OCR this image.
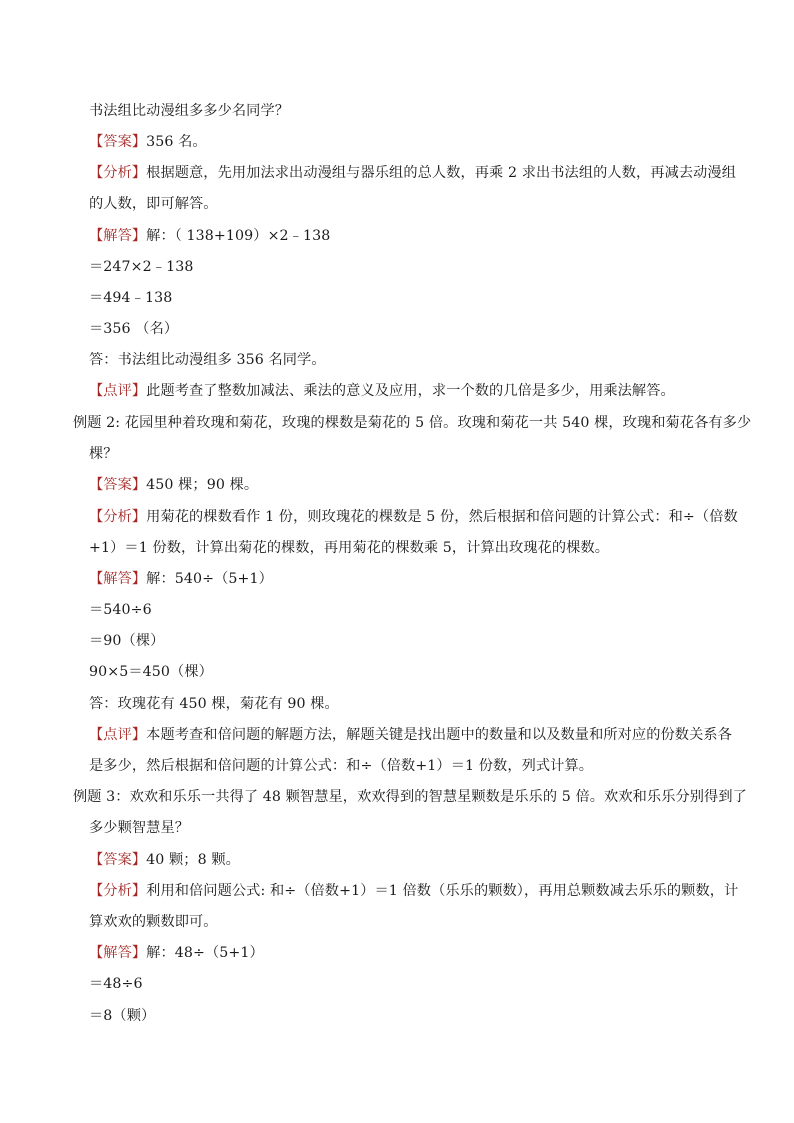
书法组比动漫组多多少名同学？
【答案】356 名。
【分析】根据题意，先用加法求出动漫组与器乐组的总人数，再乘 2 求出书法组的人数，再减去动漫组
的人数，即可解答。
【解答】解：（ 138+109）×2﹣138
＝247×2﹣138
＝494﹣138
＝356 （名）
答：书法组比动漫组多 356 名同学。
【点评】此题考查了整数加减法、乘法的意义及应用，求一个数的几倍是多少，用乘法解答。
例题 2: 花园里种着玫瑰和菊花，玫瑰的棵数是菊花的 5 倍。玫瑰和菊花一共 540 棵，玫瑰和菊花各有多少
棵？
【答案】450 棵；90 棵。
【分析】用菊花的棵数看作 1 份，则玫瑰花的棵数是 5 份，然后根据和倍问题的计算公式：和÷（倍数
+1）＝1 份数，计算出菊花的棵数，再用菊花的棵数乘 5，计算出玫瑰花的棵数。
【解答】解：540÷（5+1）
＝540÷6
＝90（棵）
90×5＝450（棵）
答：玫瑰花有 450 棵，菊花有 90 棵。
【点评】本题考查和倍问题的解题方法，解题关键是找出题中的数量和以及数量和所对应的份数关系各
是多少，然后根据和倍问题的计算公式：和÷（倍数+1）＝1 份数，列式计算。
例题 3：欢欢和乐乐一共得了 48 颗智慧星，欢欢得到的智慧星颗数是乐乐的 5 倍。欢欢和乐乐分别得到了
多少颗智慧星？
【答案】40 颗；8 颗。
【分析】利用和倍问题公式: 和÷（倍数+1）＝1 倍数（乐乐的颗数），再用总颗数减去乐乐的颗数，计
算欢欢的颗数即可。
【解答】解：48÷（5+1）
＝48÷6
＝8（颗）
